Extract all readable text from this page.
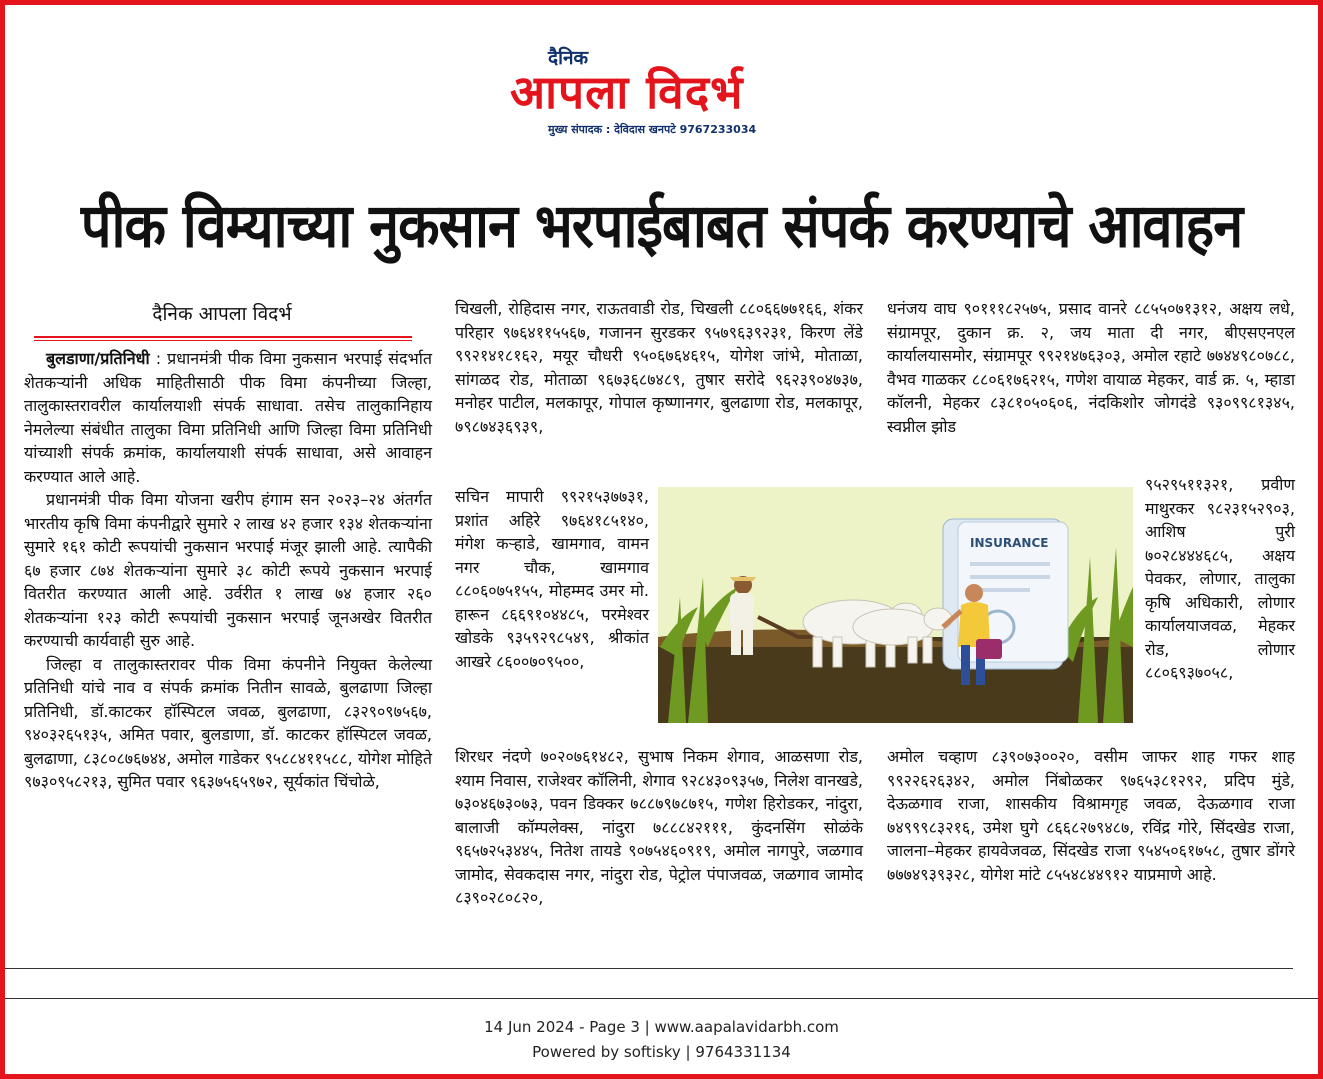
दैनिक
आपला विदर्भ
मुख्य संपादक : देविदास खनपटे 9767233034
पीक विम्याच्या नुकसान भरपाईबाबत संपर्क करण्याचे आवाहन
दैनिक आपला विदर्भ

बुलडाणा/प्रतिनिधी : प्रधानमंत्री पीक विमा नुकसान भरपाई संदर्भात शेतकऱ्यांनी अधिक माहितीसाठी पीक विमा कंपनीच्या जिल्हा, तालुकास्तरावरील कार्यालयाशी संपर्क साधावा. तसेच तालुकानिहाय नेमलेल्या संबंधीत तालुका विमा प्रतिनिधी आणि जिल्हा विमा प्रतिनिधी यांच्याशी संपर्क क्रमांक, कार्यालयाशी संपर्क साधावा, असे आवाहन करण्यात आले आहे.

प्रधानमंत्री पीक विमा योजना खरीप हंगाम सन २०२३–२४ अंतर्गत भारतीय कृषि विमा कंपनीद्वारे सुमारे २ लाख ४२ हजार १३४ शेतकऱ्यांना सुमारे १६१ कोटी रूपयांची नुकसान भरपाई मंजूर झाली आहे. त्यापैकी ६७ हजार ८७४ शेतकऱ्यांना सुमारे ३८ कोटी रूपये नुकसान भरपाई वितरीत करण्यात आली आहे. उर्वरीत १ लाख ७४ हजार २६० शेतकऱ्यांना १२३ कोटी रूपयांची नुकसान भरपाई जूनअखेर वितरीत करण्याची कार्यवाही सुरु आहे.

जिल्हा व तालुकास्तरावर पीक विमा कंपनीने नियुक्त केलेल्या प्रतिनिधी यांचे नाव व संपर्क क्रमांक नितीन सावळे, बुलढाणा जिल्हा प्रतिनिधी, डॉ.काटकर हॉस्पिटल जवळ, बुलढाणा, ८३२९०९७५६७, ९४०३२६५१३५, अमित पवार, बुलडाणा, डॉ. काटकर हॉस्पिटल जवळ, बुलढाणा, ८३८०८७६७४४, अमोल गाडेकर ९५८८४११५८८, योगेश मोहिते ९७३०९५८२१३, सुमित पवार ९६३७५६५९७२, सूर्यकांत चिंचोळे,

चिखली, रोहिदास नगर, राऊतवाडी रोड, चिखली ८८०६६७७१६६, शंकर परिहार ९७६४११५५६७, गजानन सुरडकर ९५७९६३९२३१, किरण लेंडे ९९२१४१८१६२, मयूर चौधरी ९५०६७६४६१५, योगेश जांभे, मोताळा, सांगळद रोड, मोताळा ९६७३६८७४८९, तुषार सरोदे ९६२३९०४७३७, मनोहर पाटील, मलकापूर, गोपाल कृष्णानगर, बुलढाणा रोड, मलकापूर, ७९८७४३६९३९,
सचिन मापारी ९९२१५३७७३१, प्रशांत अहिरे ९७६४१८५१४०, मंगेश कऱ्हाडे, खामगाव, वामन नगर चौक, खामगाव ८८०६०७५१५५, मोहम्मद उमर मो. हारून ८६६९१०४४८५, परमेश्वर खोडके ९३५९२९८५४९, श्रीकांत आखरे ८६००७०९५००,
शिरधर नंदणे ७०२०७६१४८२, सुभाष निकम शेगाव, आळसणा रोड, श्याम निवास, राजेश्वर कॉलिनी, शेगाव ९२८४३०९३५७, निलेश वानखडे, ७३०४६७३०७३, पवन डिक्कर ७८८७९७८७१५, गणेश हिरोडकर, नांदुरा, बालाजी कॉम्पलेक्स, नांदुरा ७८८८४२१११, कुंदनसिंग सोळंके ९६५७२५३४४५, नितेश तायडे ९०७५४६०९१९, अमोल नागपुरे, जळगाव जामोद, सेवकदास नगर, नांदुरा रोड, पेट्रोल पंपाजवळ, जळगाव जामोद ८३९०२८०८२०,
धनंजय वाघ ९०१११८२५७५, प्रसाद वानरे ८८५५०७१३१२, अक्षय लधे, संग्रामपूर, दुकान क्र. २, जय माता दी नगर, बीएसएनएल कार्यालयासमोर, संग्रामपूर ९९२१४७६३०३, अमोल रहाटे ७७४४९८०७८८, वैभव गाळकर ८८०६१७६२१५, गणेश वायाळ मेहकर, वार्ड क्र. ५, म्हाडा कॉलनी, मेहकर ८३८१०५०६०६, नंदकिशोर जोगदंडे ९३०९९८१३४५, स्वप्नील झोड
९५२९५११३२१, प्रवीण माथुरकर ९८२३१५२९०३, आशिष पुरी ७०२८४४४६८५, अक्षय पेवकर, लोणार, तालुका कृषि अधिकारी, लोणार कार्यालयाजवळ, मेहकर रोड, लोणार ८८०६९३७०५८,
अमोल चव्हाण ८३९०७३००२०, वसीम जाफर शाह गफर शाह ९९२२६२६३४२, अमोल निंबोळकर ९७६५३८१२९२, प्रदिप मुंडे, देऊळगाव राजा, शासकीय विश्रामगृह जवळ, देऊळगाव राजा ७४९९९८३२१६, उमेश घुगे ८६६८२७९४८७, रविंद्र गोरे, सिंदखेड राजा, जालना–मेहकर हायवेजवळ, सिंदखेड राजा ९५४५०६१७५८, तुषार डोंगरे ७७७४९३९३२८, योगेश मांटे ८५५४८४४९१२ याप्रमाणे आहे.
INSURANCE
14 Jun 2024 - Page 3 | www.aapalavidarbh.com
Powered by softisky | 9764331134
